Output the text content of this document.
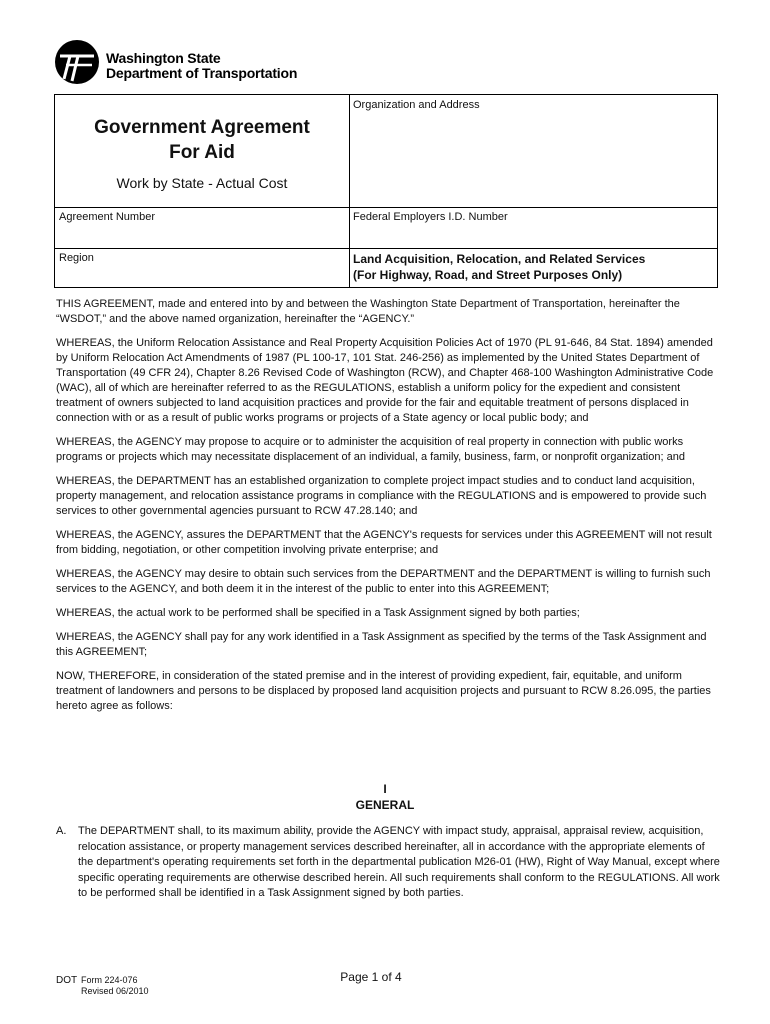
Washington State
Department of Transportation
Government Agreement
For Aid
Work by State - Actual Cost
Organization and Address
Agreement Number	Federal Employers I.D. Number
Region	Land Acquisition, Relocation, and Related Services
(For Highway, Road, and Street Purposes Only)

THIS AGREEMENT, made and entered into by and between the Washington State Department of Transportation, hereinafter the “WSDOT,” and the above named organization, hereinafter the “AGENCY.”

WHEREAS, the Uniform Relocation Assistance and Real Property Acquisition Policies Act of 1970 (PL 91-646, 84 Stat. 1894) amended by Uniform Relocation Act Amendments of 1987 (PL 100-17, 101 Stat. 246-256) as implemented by the United States Department of Transportation (49 CFR 24), Chapter 8.26 Revised Code of Washington (RCW), and Chapter 468-100 Washington Administrative Code (WAC), all of which are hereinafter referred to as the REGULATIONS, establish a uniform policy for the expedient and consistent treatment of owners subjected to land acquisition practices and provide for the fair and equitable treatment of persons displaced in connection with or as a result of public works programs or projects of a State agency or local public body; and

WHEREAS, the AGENCY may propose to acquire or to administer the acquisition of real property in connection with public works programs or projects which may necessitate displacement of an individual, a family, business, farm, or nonprofit organization; and

WHEREAS, the DEPARTMENT has an established organization to complete project impact studies and to conduct land acquisition, property management, and relocation assistance programs in compliance with the REGULATIONS and is empowered to provide such services to other governmental agencies pursuant to RCW 47.28.140; and

WHEREAS, the AGENCY, assures the DEPARTMENT that the AGENCY's requests for services under this AGREEMENT will not result from bidding, negotiation, or other competition involving private enterprise; and

WHEREAS, the AGENCY may desire to obtain such services from the DEPARTMENT and the DEPARTMENT is willing to furnish such services to the AGENCY, and both deem it in the interest of the public to enter into this AGREEMENT;

WHEREAS, the actual work to be performed shall be specified in a Task Assignment signed by both parties;

WHEREAS, the AGENCY shall pay for any work identified in a Task Assignment as specified by the terms of the Task Assignment and this AGREEMENT;

NOW, THEREFORE, in consideration of the stated premise and in the interest of providing expedient, fair, equitable, and uniform treatment of landowners and persons to be displaced by proposed land acquisition projects and pursuant to RCW 8.26.095, the parties hereto agree as follows:

I
GENERAL
A. The DEPARTMENT shall, to its maximum ability, provide the AGENCY with impact study, appraisal, appraisal review, acquisition, relocation assistance, or property management services described hereinafter, all in accordance with the appropriate elements of the department's operating requirements set forth in the departmental publication M26-01 (HW), Right of Way Manual, except where specific operating requirements are otherwise described herein. All such requirements shall conform to the REGULATIONS. All work to be performed shall be identified in a Task Assignment signed by both parties.
DOT Form 224-076
Revised 06/2010
Page 1 of 4
